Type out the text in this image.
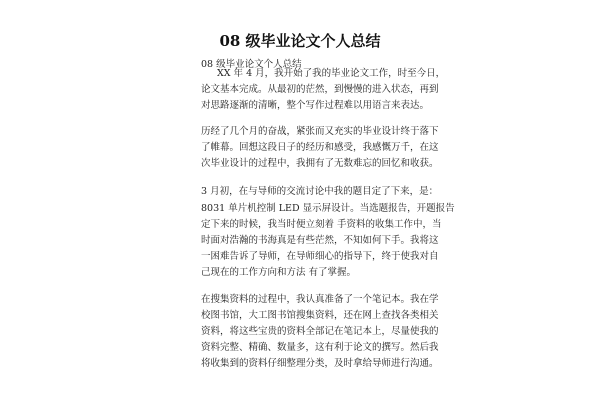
08 级毕业论文个人总结
08 级毕业论文个人总结
XX 年 4 月，我开始了我的毕业论文工作，时至今日，
论文基本完成。从最初的茫然，到慢慢的进入状态，再到
对思路逐渐的清晰，整个写作过程难以用语言来表达。
历经了几个月的奋战，紧张而又充实的毕业设计终于落下
了帷幕。回想这段日子的经历和感受，我感慨万千，在这
次毕业设计的过程中，我拥有了无数难忘的回忆和收获。
3 月初，在与导师的交流讨论中我的题目定了下来，是：
8031 单片机控制 LED 显示屏设计。当选题报告，开题报告
定下来的时候，我当时便立刻着 手资料的收集工作中，当
时面对浩瀚的书海真是有些茫然，不知如何下手。我将这
一困难告诉了导师，在导师细心的指导下，终于使我对自
己现在的工作方向和方法 有了掌握。
在搜集资料的过程中，我认真准备了一个笔记本。我在学
校图书馆，大工图书馆搜集资料，还在网上查找各类相关
资料，将这些宝贵的资料全部记在笔记本上，尽量使我的
资料完整、精确、数量多，这有利于论文的撰写。然后我
将收集到的资料仔细整理分类，及时拿给导师进行沟通。
